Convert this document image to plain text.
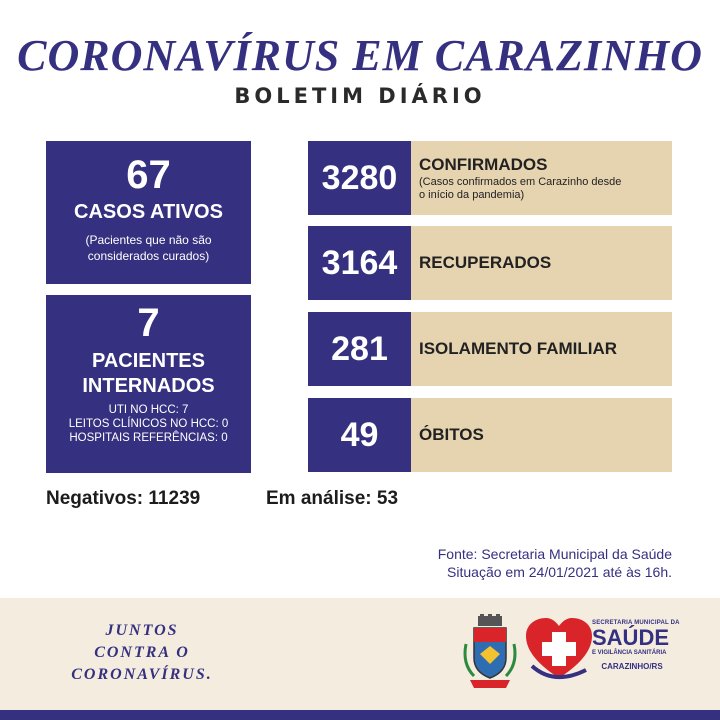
CORONAVÍRUS EM CARAZINHO
BOLETIM DIÁRIO
67
CASOS ATIVOS
(Pacientes que não são considerados curados)
7
PACIENTES
INTERNADOS
UTI NO HCC: 7
LEITOS CLÍNICOS NO HCC: 0
HOSPITAIS REFERÊNCIAS: 0
3280	CONFIRMADOS
(Casos confirmados em Carazinho desde o início da pandemia)
3164	RECUPERADOS
281	ISOLAMENTO FAMILIAR
49	ÓBITOS
Negativos: 11239	Em análise: 53
Fonte: Secretaria Municipal da Saúde
Situação em 24/01/2021 até às 16h.
JUNTOS
CONTRA O
CORONAVÍRUS.
SECRETARIA MUNICIPAL DA
SAÚDE
E VIGILÂNCIA SANITÁRIA
CARAZINHO/RS
